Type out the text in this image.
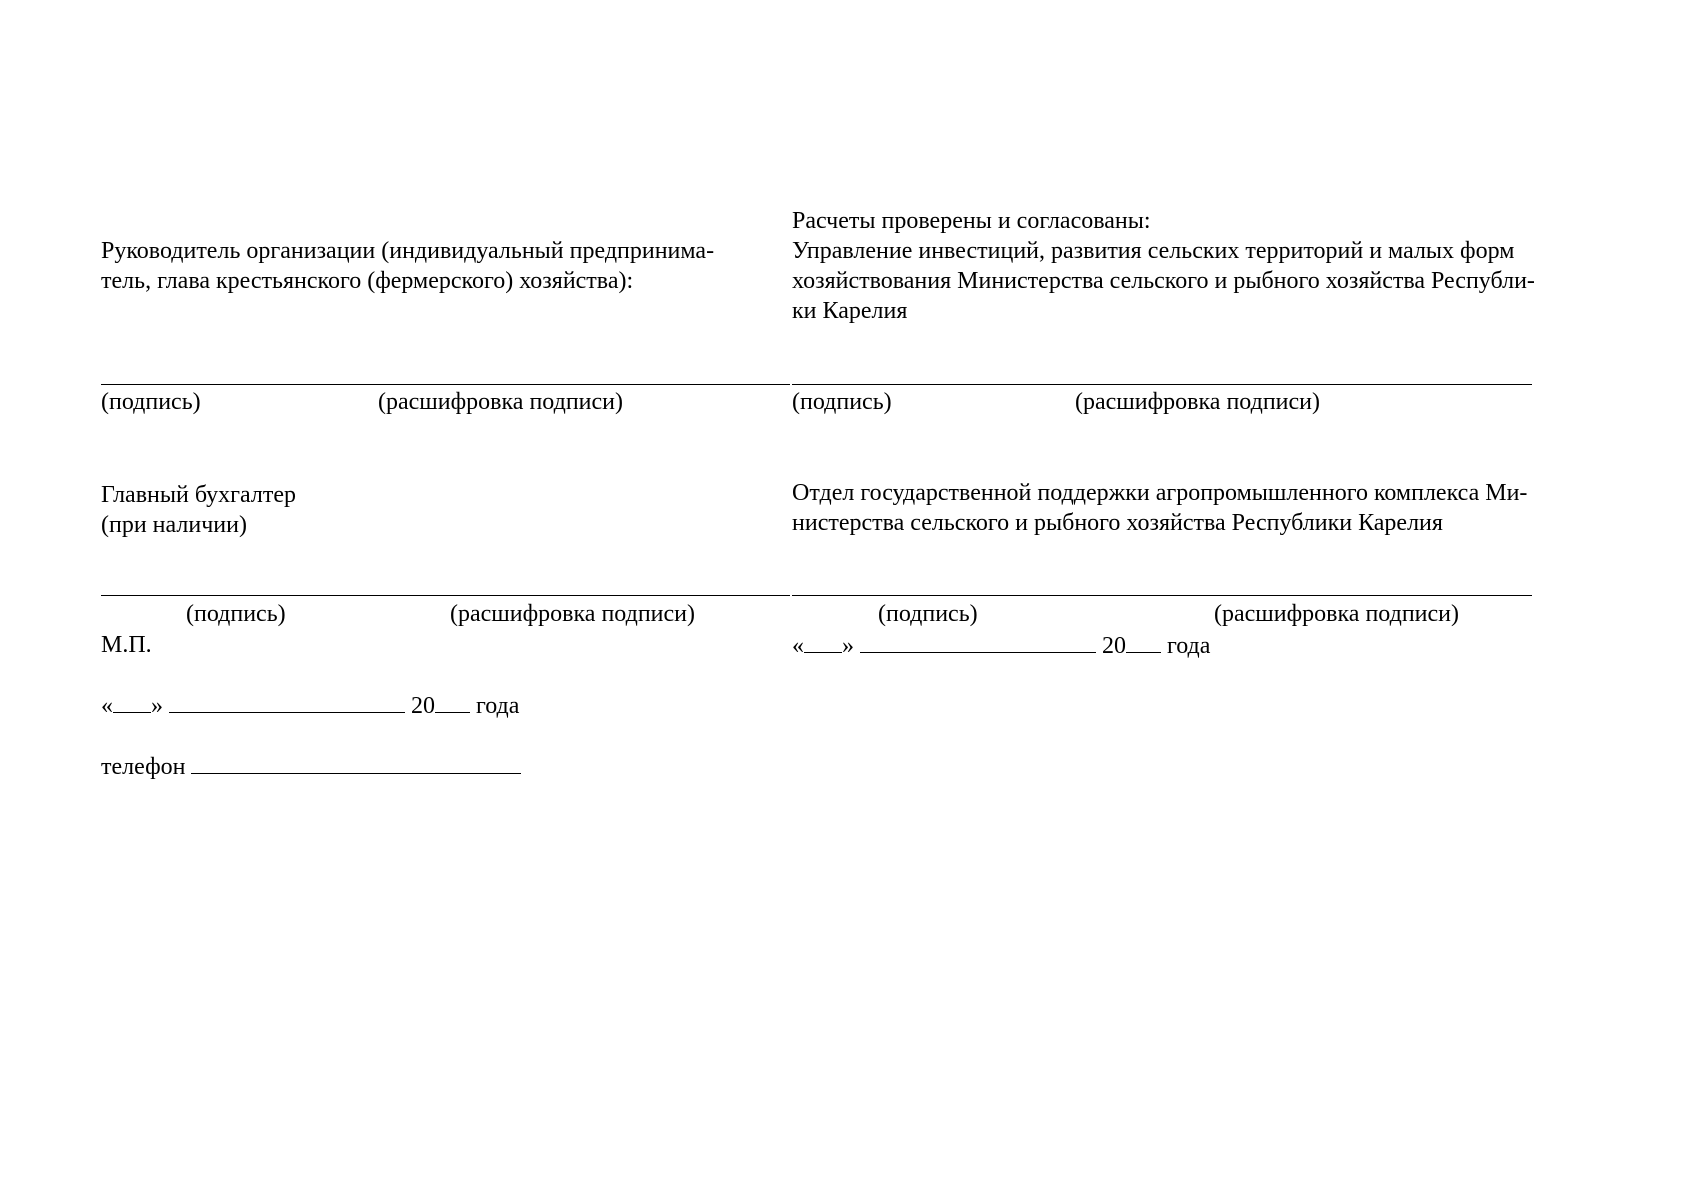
Руководитель организации (индивидуальный предпринима-
тель, глава крестьянского (фермерского) хозяйства):
(подпись)	(расшифровка подписи)
Главный бухгалтер
(при наличии)
(подпись)	(расшифровка подписи)
М.П.
« »	20 года
телефон
Расчеты проверены и согласованы:
Управление инвестиций, развития сельских территорий и малых форм
хозяйствования Министерства сельского и рыбного хозяйства Республи-
ки Карелия
(подпись)	(расшифровка подписи)
Отдел государственной поддержки агропромышленного комплекса Ми-
нистерства сельского и рыбного хозяйства Республики Карелия
(подпись)	(расшифровка подписи)
« »	20 года
